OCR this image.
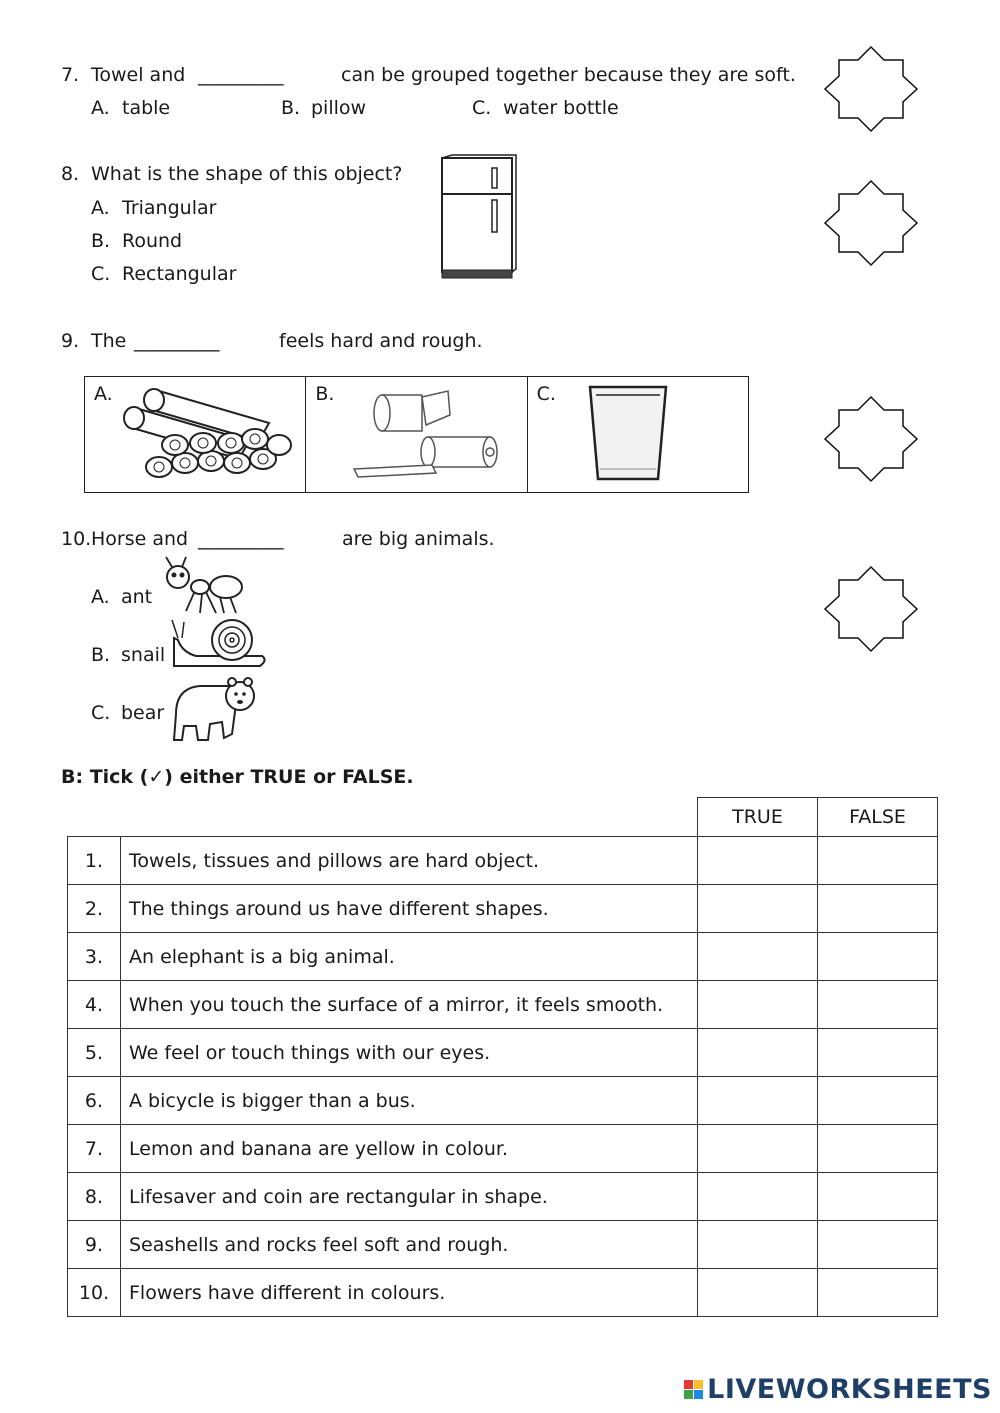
7. Towel and _________	can be grouped together because they are soft.
A. table	B. pillow	C. water bottle
8. What is the shape of this object?
A. Triangular
B. Round
C. Rectangular
9. The _________	feels hard and rough.
A.	B.	C.
10. Horse and _________	are big animals.
A. ant
B. snail
C. bear
B: Tick (✓) either TRUE or FALSE.
		TRUE	FALSE
1.	Towels, tissues and pillows are hard object.		
2.	The things around us have different shapes.		
3.	An elephant is a big animal.		
4.	When you touch the surface of a mirror, it feels smooth.		
5.	We feel or touch things with our eyes.		
6.	A bicycle is bigger than a bus.		
7.	Lemon and banana are yellow in colour.		
8.	Lifesaver and coin are rectangular in shape.		
9.	Seashells and rocks feel soft and rough.		
10.	Flowers have different in colours.		
LIVEWORKSHEETS
